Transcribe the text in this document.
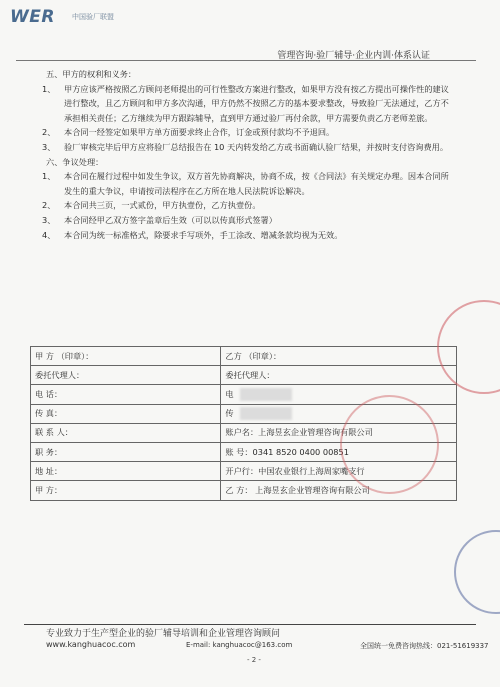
WER 中国验厂联盟
管理咨询·验厂辅导·企业内训·体系认证

五、甲方的权利和义务：

1、 甲方应该严格按照乙方顾问老师提出的可行性整改方案进行整改，如果甲方没有按乙方提出可操作性的建议进行整改，且乙方顾问和甲方多次沟通，甲方仍然不按照乙方的基本要求整改，导致验厂无法通过，乙方不承担相关责任；乙方继续为甲方跟踪辅导，直到甲方通过验厂再付余款，甲方需要负责乙方老师差旅。

2、 本合同一经签定如果甲方单方面要求终止合作，订金或预付款均不予退回。

3、 验厂审核完毕后甲方应将验厂总结报告在 10 天内转发给乙方或书面确认验厂结果，并按时支付咨询费用。

六、争议处理：

1、 本合同在履行过程中如发生争议，双方首先协商解决，协商不成，按《合同法》有关规定办理。因本合同所发生的重大争议，申请按司法程序在乙方所在地人民法院诉讼解决。

2、 本合同共三页，一式贰份，甲方执壹份，乙方执壹份。

3、 本合同经甲乙双方签字盖章后生效（可以以传真形式签署）

4、 本合同为统一标准格式，除要求手写项外，手工涂改、增减条款均视为无效。

甲 方 （印章）：	乙方 （印章）：
委托代理人：	委托代理人：
电 话：	电
传 真：	传
联 系 人：	账户名：上海昱玄企业管理咨询有限公司
职 务：	账 号：0341 8520 0400 00851
地 址：	开户行：中国农业银行上海周家嘴支行
甲 方：	乙 方： 上海昱玄企业管理咨询有限公司
专业致力于生产型企业的验厂辅导培训和企业管理咨询顾问
www.kanghuacoc.com	E-mail: kanghuacoc@163.com	全国统一免费咨询热线：021-51619337
- 2 -
